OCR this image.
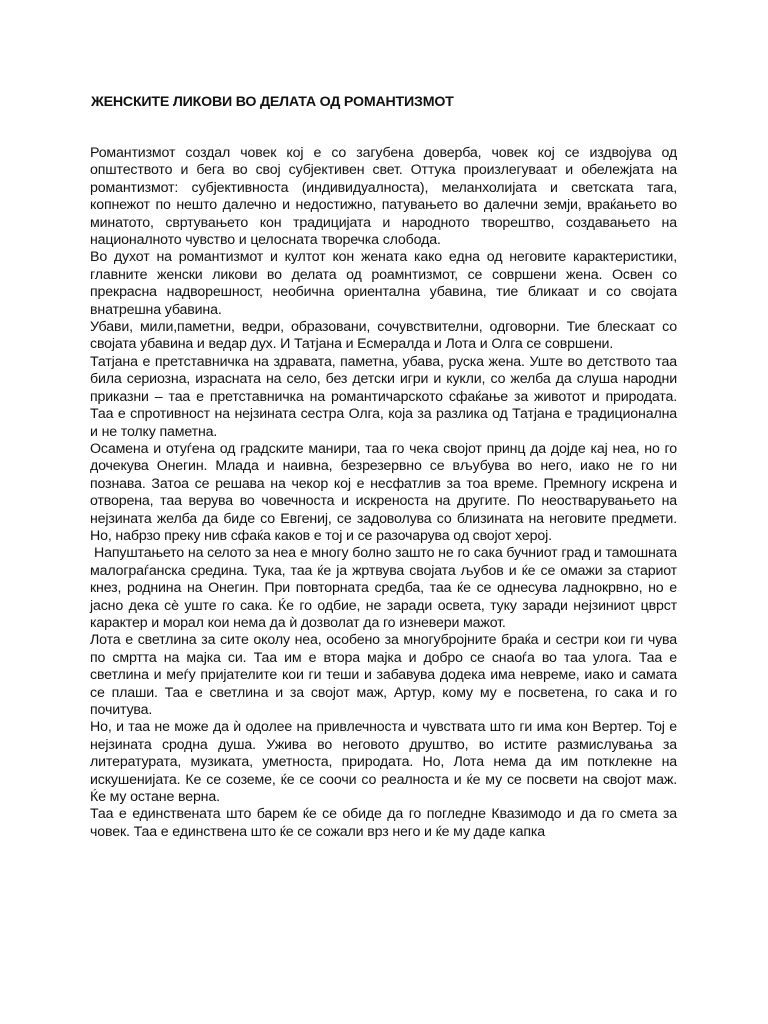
ЖЕНСКИТЕ ЛИКОВИ ВО ДЕЛАТА ОД РОМАНТИЗМОТ

Романтизмот создал човек кој е со загубена доверба, човек кој се издвојува од општеството и бега во свој субјективен свет. Оттука произлегуваат и обележјата на романтизмот: субјективноста (индивидуалноста), меланхолијата и светската тага, копнежот по нешто далечно и недостижно, патувањето во далечни земји, враќањето во минатото, свртувањето кон традицијата и народното творештво, создавањето на националното чувство и целосната творечка слобода.

Во духот на романтизмот и култот кон жената како една од неговите карактеристики, главните женски ликови во делата од роамнтизмот, се совршени жена. Освен со прекрасна надворешност, необична ориентална убавина, тие бликаат и со својата внатрешна убавина.

Убави, мили,паметни, ведри, образовани, сочувствителни, одговорни. Тие блескаат со својата убавина и ведар дух. И Татјана и Есмералда и Лота и Олга се совршени.

Татјана е претставничка на здравата, паметна, убава, руска жена. Уште во детството таа била сериозна, израсната на село, без детски игри и кукли, со желба да слуша народни приказни – таа е претставничка на романтичарското сфаќање за животот и природата. Таа е спротивност на нејзината сестра Олга, која за разлика од Татјана е традиционална и не толку паметна.

Осамена и отуѓена од градските манири, таа го чека својот принц да дојде кај неа, но го дочекува Онегин. Млада и наивна, безрезервно се вљубува во него, иако не го ни познава. Затоа се решава на чекор кој е несфатлив за тоа време. Премногу искрена и отворена, таа верува во човечноста и искреноста на другите. По неостварувањето на нејзината желба да биде со Евгениј, се задоволува со близината на неговите предмети. Но, набрзо преку нив сфаќа каков е тој и се разочарува од својот херој.

Напуштањето на селото за неа е многу болно зашто не го сака бучниот град и тамошната малограѓанска средина. Тука, таа ќе ја жртвува својата љубов и ќе се омажи за стариот кнез, роднина на Онегин. При повторната средба, таа ќе се однесува ладнокрвно, но е јасно дека сè уште го сака. Ќе го одбие, не заради освета, туку заради нејзиниот цврст карактер и морал кои нема да ѝ дозволат да го изневери мажот.

Лота е светлина за сите околу неа, особено за многубројните браќа и сестри кои ги чува по смртта на мајка си. Таа им е втора мајка и добро се снаоѓа во таа улога. Таа е светлина и меѓу пријателите кои ги теши и забавува додека има невреме, иако и самата се плаши. Таа е светлина и за својот маж, Артур, кому му е посветена, го сака и го почитува.

Но, и таа не може да ѝ одолее на привлечноста и чувствата што ги има кон Вертер. Тој е нејзината сродна душа. Ужива во неговото друштво, во истите размислувања за литературата, музиката, уметноста, природата. Но, Лота нема да им потклекне на искушенијата. Ке се соземе, ќе се соочи со реалноста и ќе му се посвети на својот маж. Ќе му остане верна.

Таа е единствената што барем ќе се обиде да го погледне Квазимодо и да го смета за човек. Таа е единствена што ќе се сожали врз него и ќе му даде капка
